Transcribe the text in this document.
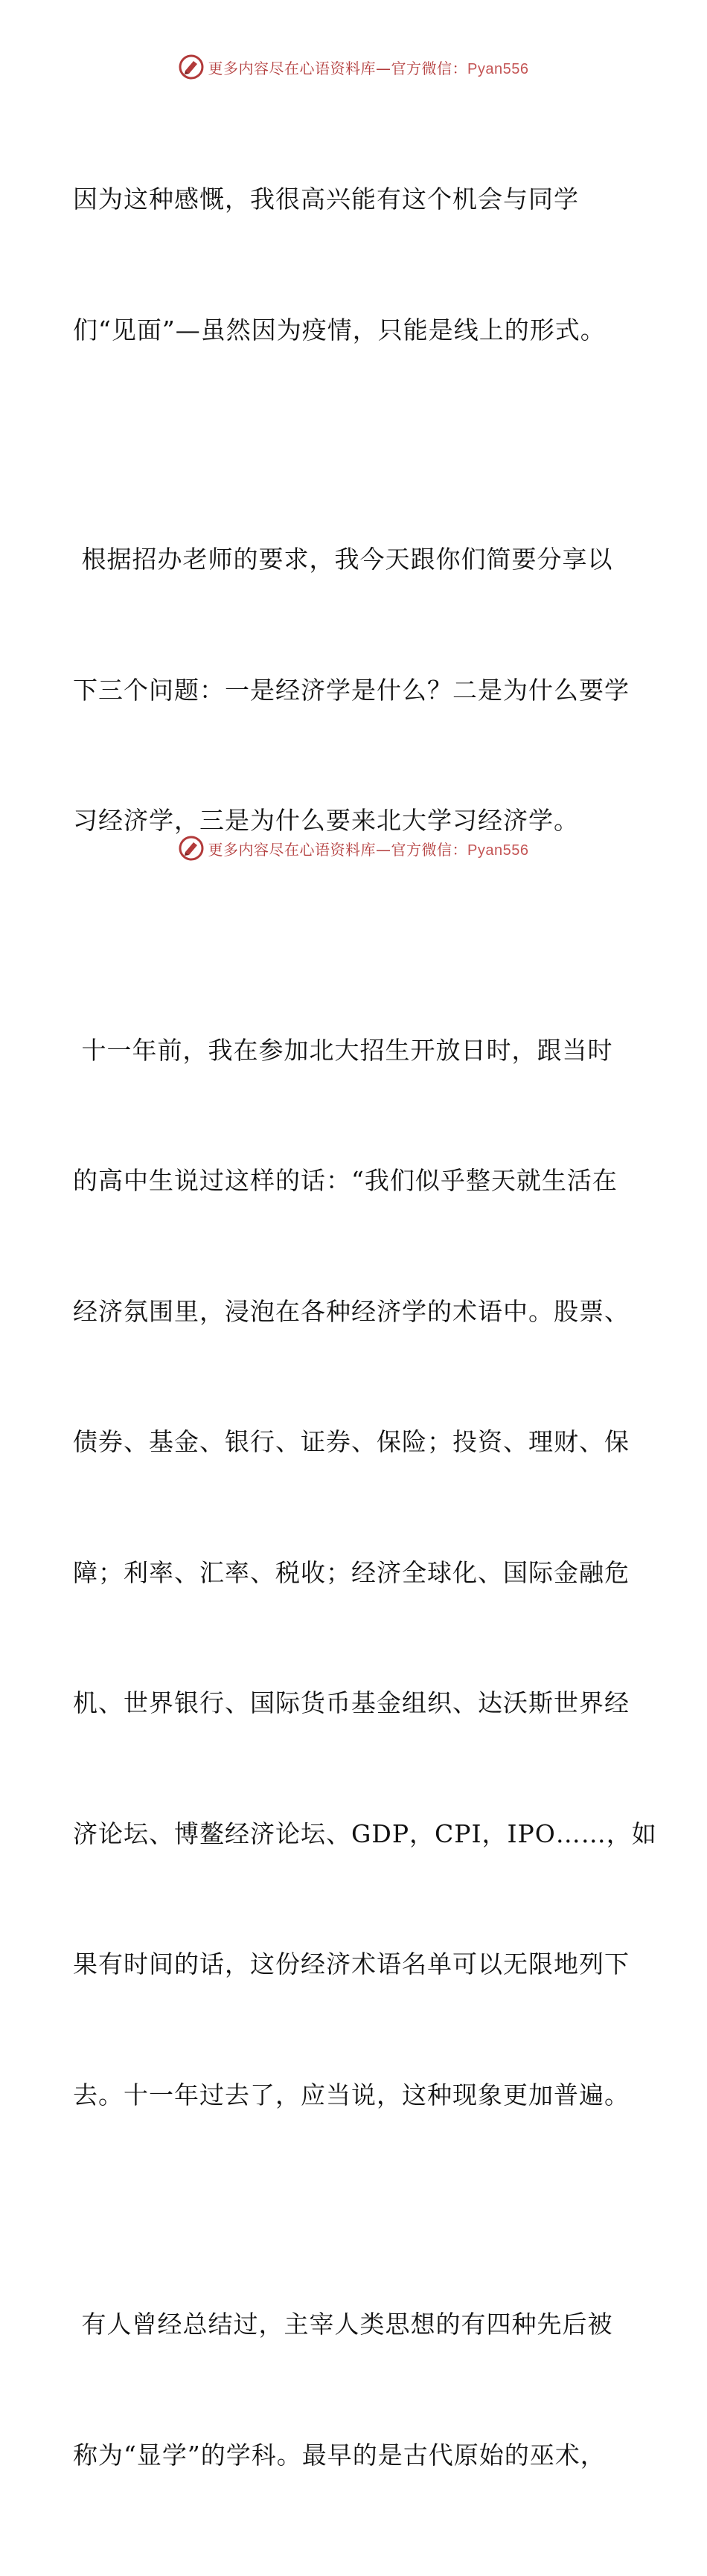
更多内容尽在心语资料库—官方微信：Pyan556

因为这种感慨，我很高兴能有这个机会与同学

们“见面”—虽然因为疫情，只能是线上的形式。

根据招办老师的要求，我今天跟你们简要分享以

下三个问题：一是经济学是什么？二是为什么要学

习经济学，三是为什么要来北大学习经济学。

十一年前，我在参加北大招生开放日时，跟当时

的高中生说过这样的话：“我们似乎整天就生活在

经济氛围里，浸泡在各种经济学的术语中。股票、

债券、基金、银行、证券、保险；投资、理财、保

障；利率、汇率、税收；经济全球化、国际金融危

机、世界银行、国际货币基金组织、达沃斯世界经

济论坛、博鳌经济论坛、GDP，CPI，IPO……，如

果有时间的话，这份经济术语名单可以无限地列下

去。十一年过去了，应当说，这种现象更加普遍。

有人曾经总结过，主宰人类思想的有四种先后被

称为“显学”的学科。最早的是古代原始的巫术，

更多内容尽在心语资料库—官方微信：Pyan556
